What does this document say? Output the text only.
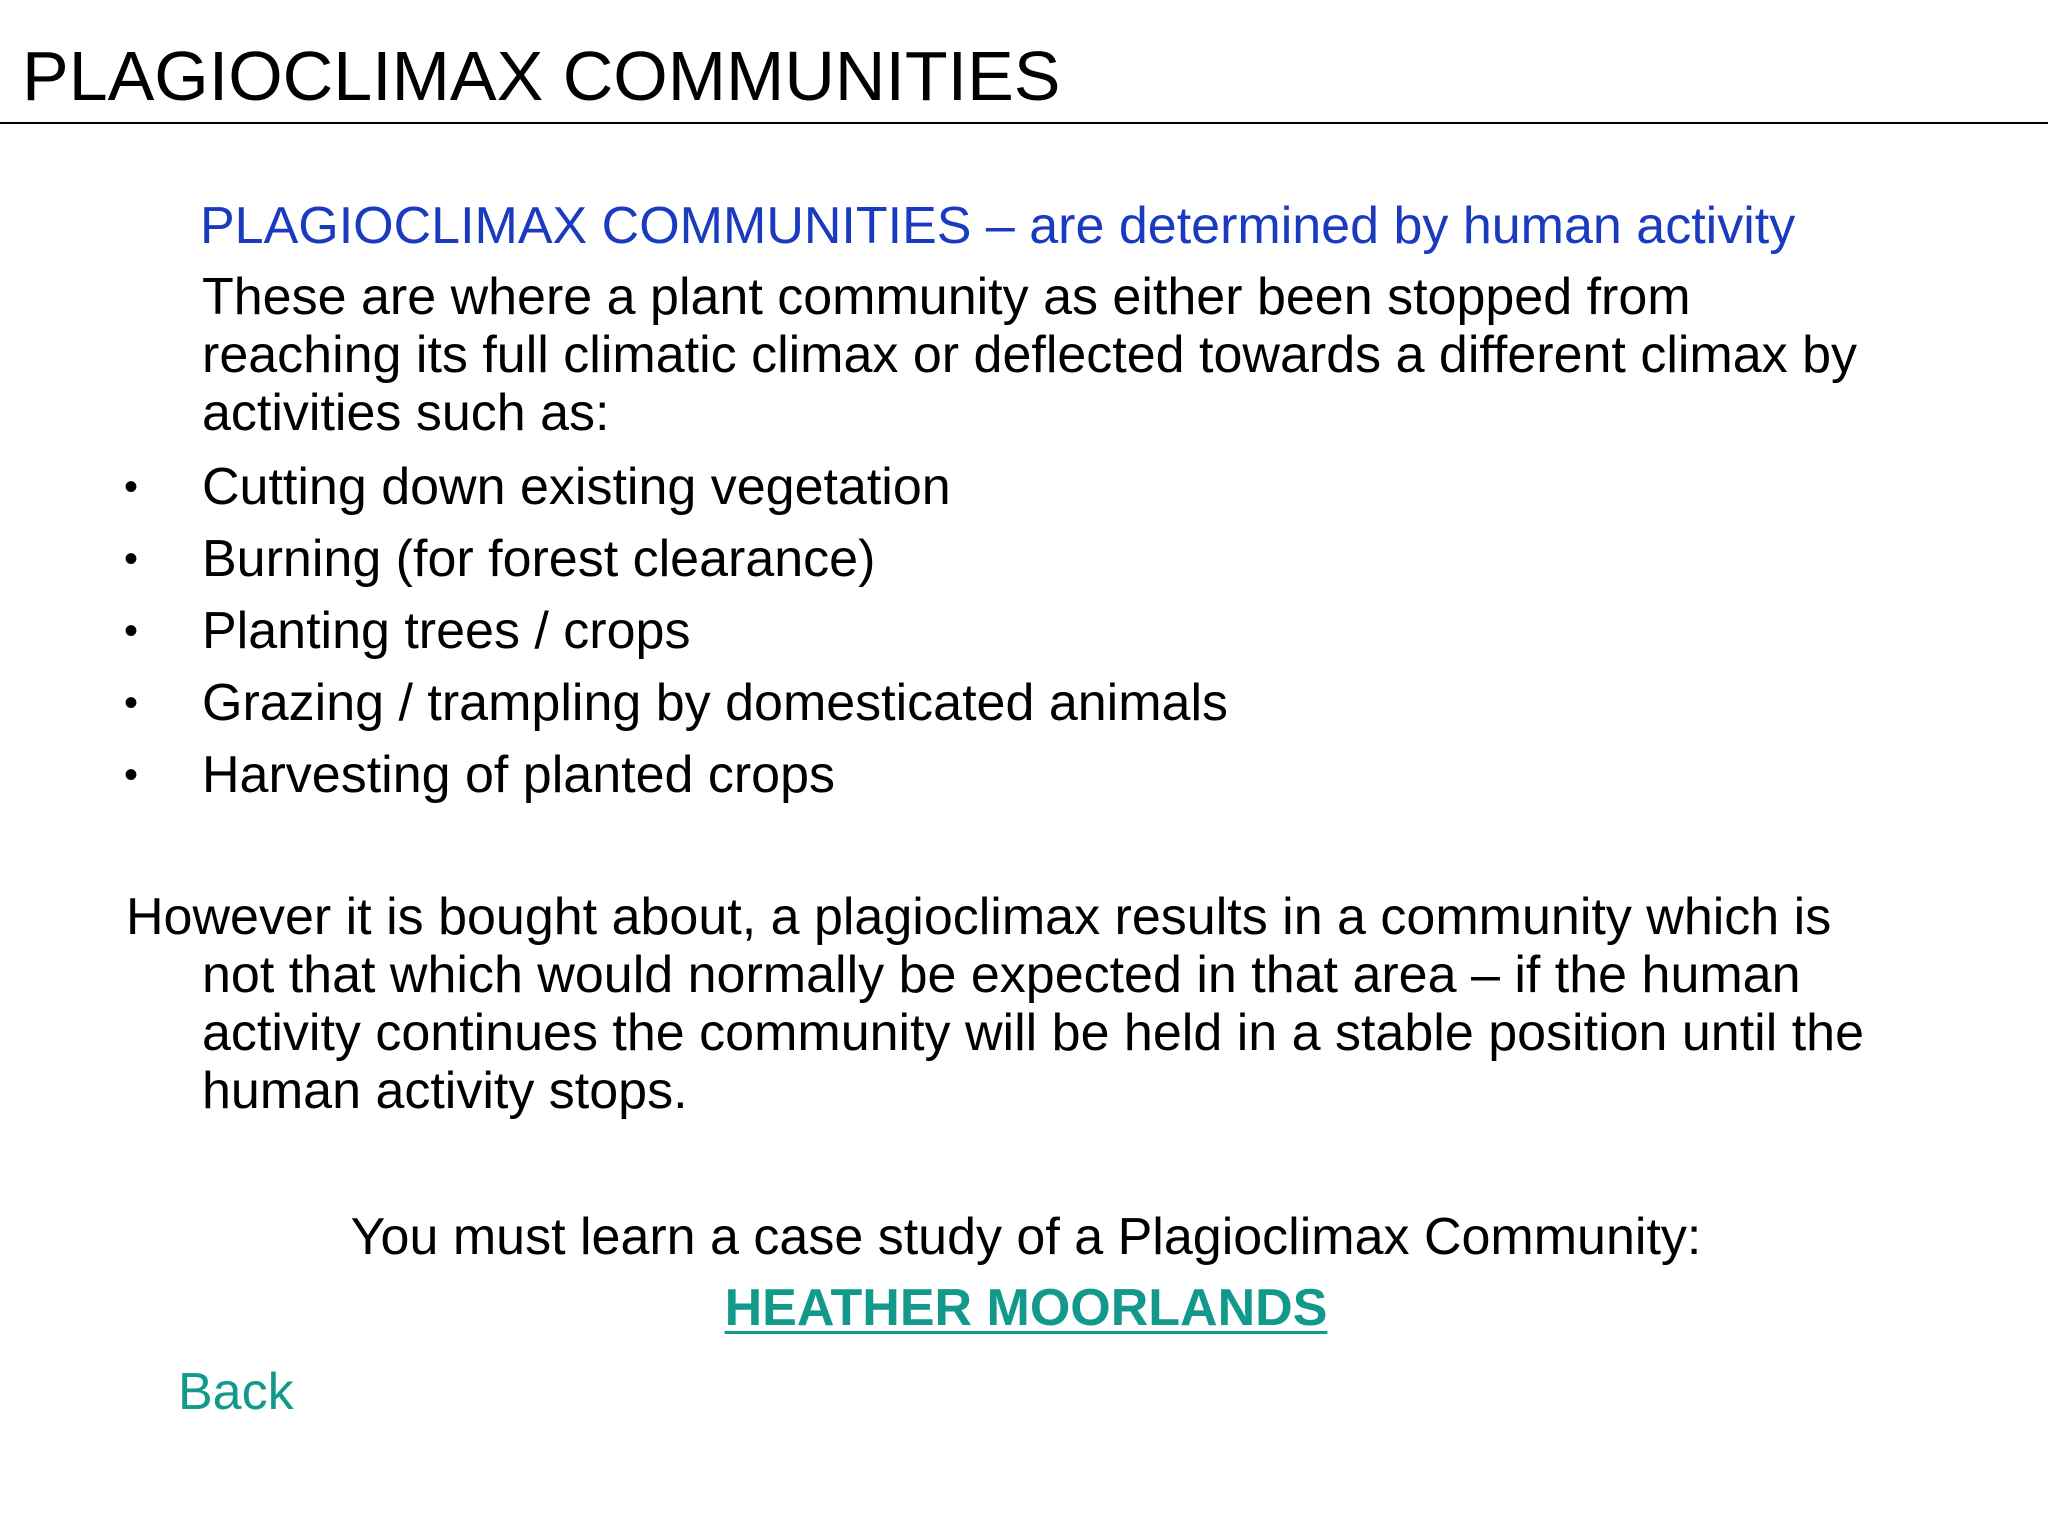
PLAGIOCLIMAX COMMUNITIES

PLAGIOCLIMAX COMMUNITIES – are determined by human activity

These are where a plant community as either been stopped from
reaching its full climatic climax or deflected towards a different climax by
activities such as:

• Cutting down existing vegetation
• Burning (for forest clearance)
• Planting trees / crops
• Grazing / trampling by domesticated animals
• Harvesting of planted crops

However it is bought about, a plagioclimax results in a community which is
not that which would normally be expected in that area – if the human
activity continues the community will be held in a stable position until the
human activity stops.

You must learn a case study of a Plagioclimax Community:

HEATHER MOORLANDS
Back
